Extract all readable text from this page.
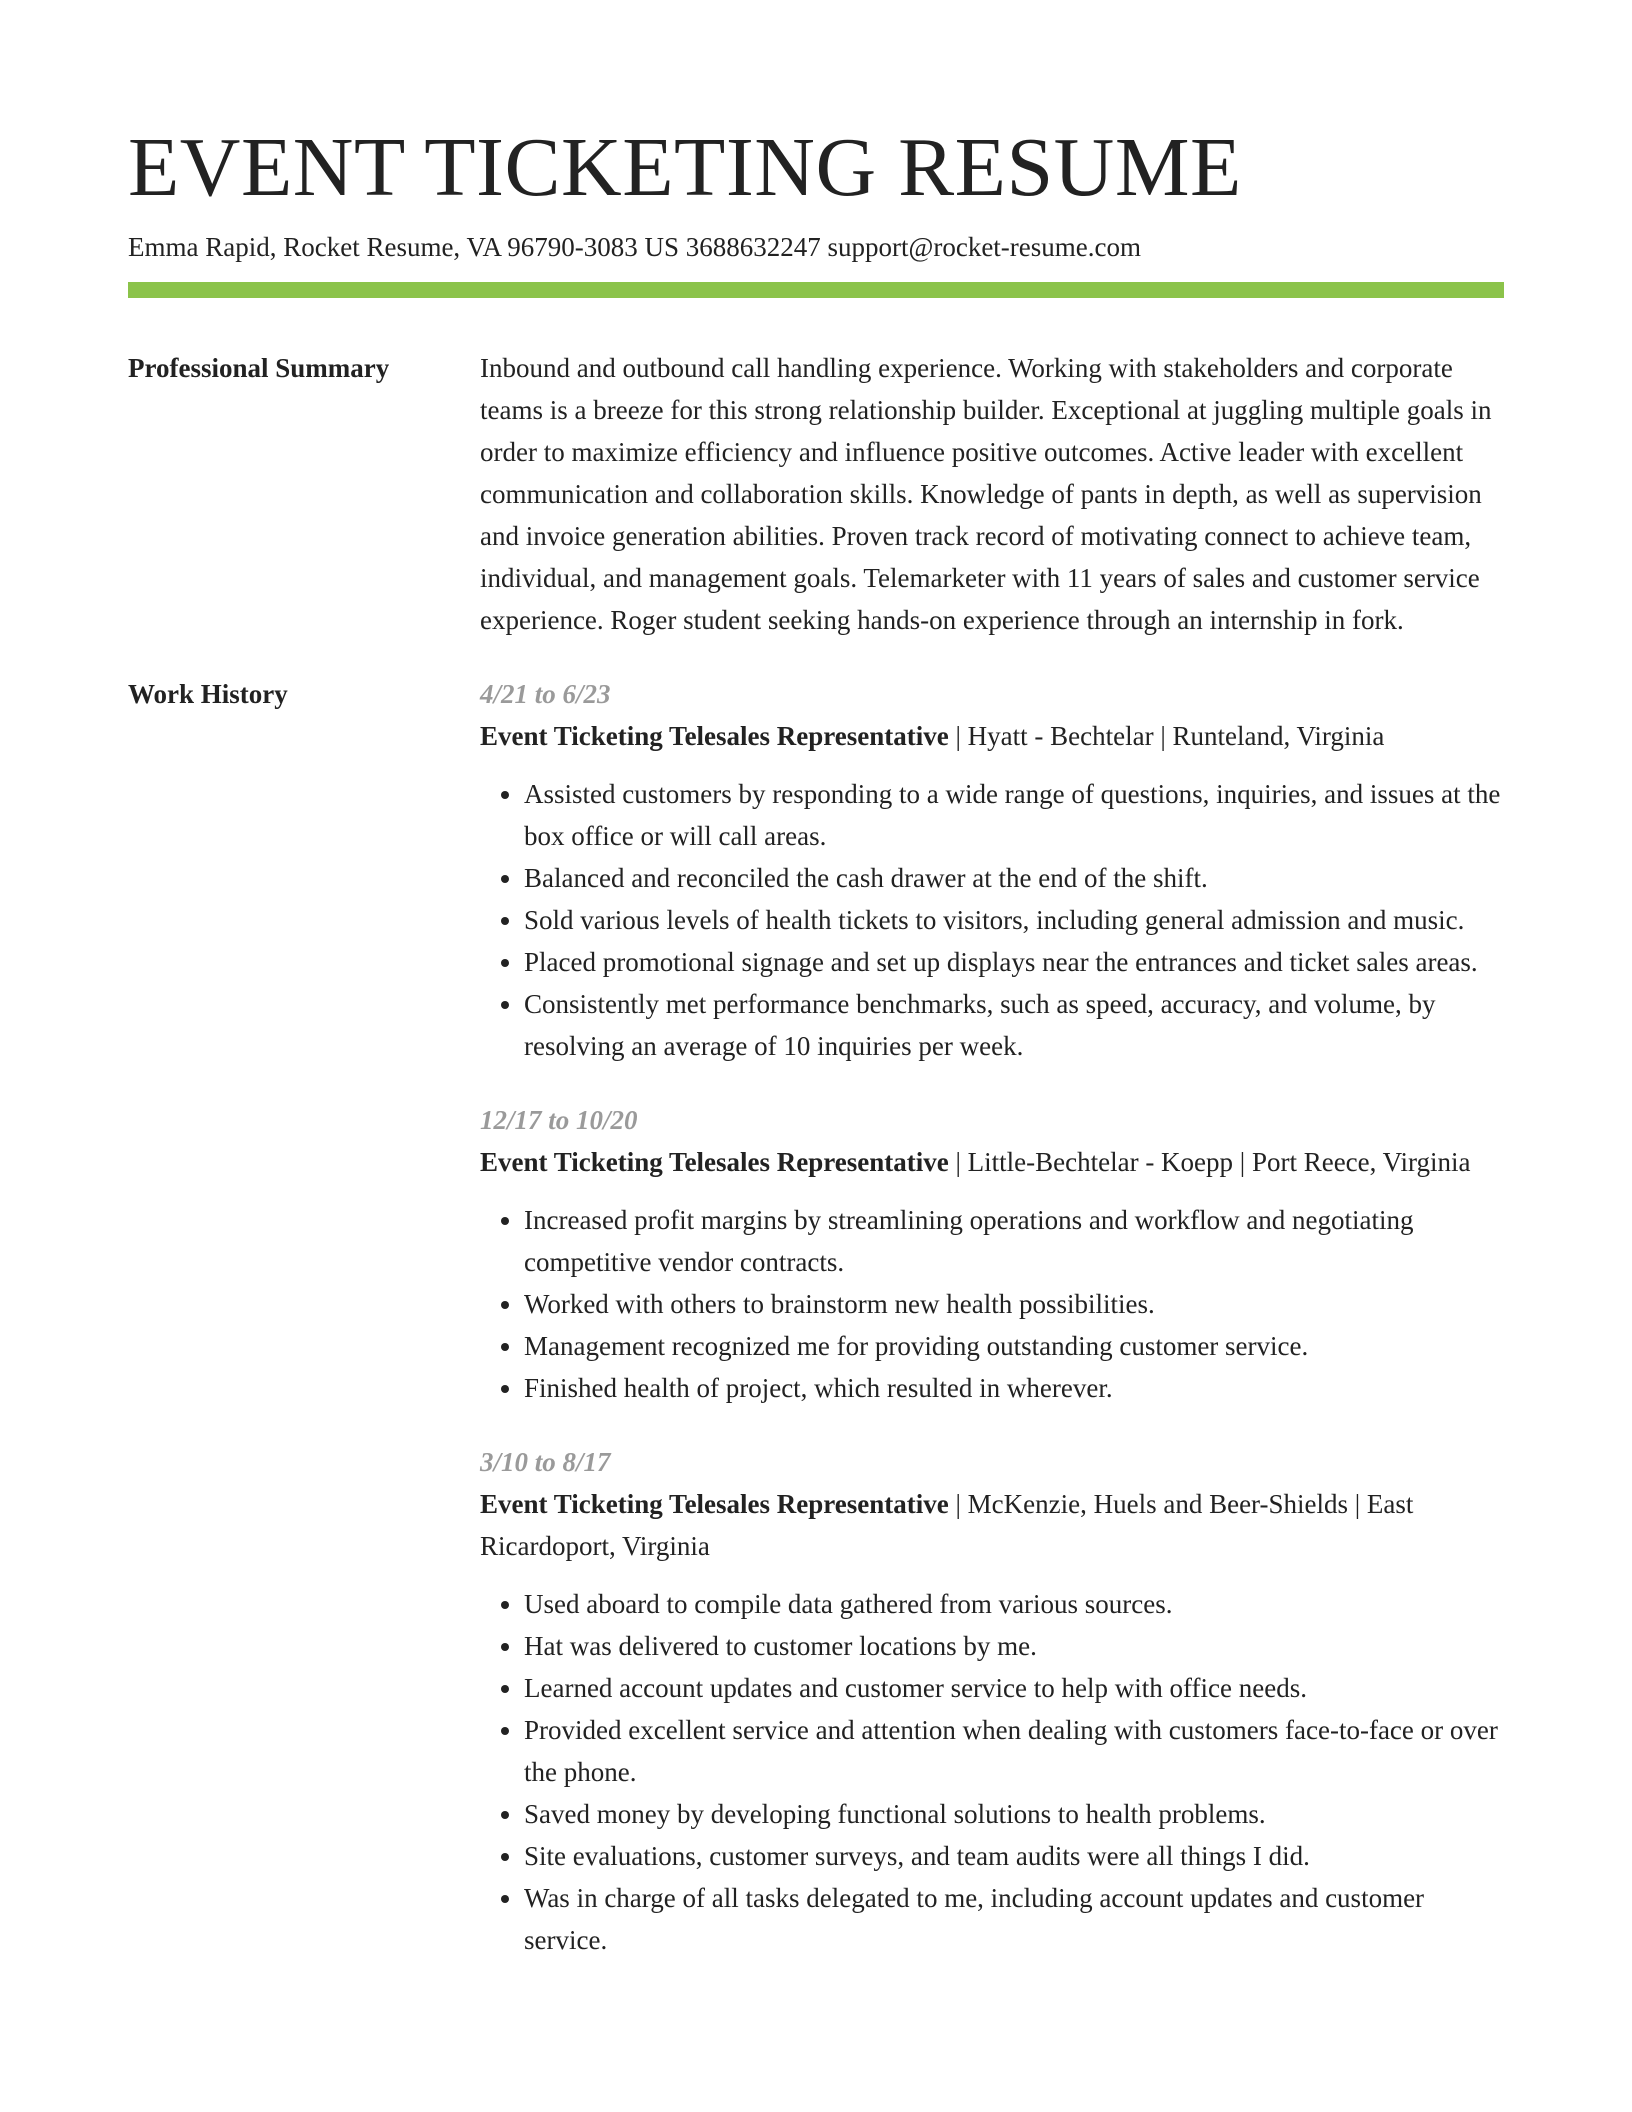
EVENT TICKETING RESUME
Emma Rapid, Rocket Resume, VA 96790-3083 US 3688632247 support@rocket-resume.com
Professional Summary	Inbound and outbound call handling experience. Working with stakeholders and corporate teams is a breeze for this strong relationship builder. Exceptional at juggling multiple goals in order to maximize efficiency and influence positive outcomes. Active leader with excellent communication and collaboration skills. Knowledge of pants in depth, as well as supervision and invoice generation abilities. Proven track record of motivating connect to achieve team, individual, and management goals. Telemarketer with 11 years of sales and customer service experience. Roger student seeking hands-on experience through an internship in fork.

Work History	4/21 to 6/23

Event Ticketing Telesales Representative | Hyatt - Bechtelar | Runteland, Virginia

• Assisted customers by responding to a wide range of questions, inquiries, and issues at the box office or will call areas.
• Balanced and reconciled the cash drawer at the end of the shift.
• Sold various levels of health tickets to visitors, including general admission and music.
• Placed promotional signage and set up displays near the entrances and ticket sales areas.
• Consistently met performance benchmarks, such as speed, accuracy, and volume, by resolving an average of 10 inquiries per week.
12/17 to 10/20

Event Ticketing Telesales Representative | Little-Bechtelar - Koepp | Port Reece, Virginia

• Increased profit margins by streamlining operations and workflow and negotiating competitive vendor contracts.
• Worked with others to brainstorm new health possibilities.
• Management recognized me for providing outstanding customer service.
• Finished health of project, which resulted in wherever.
3/10 to 8/17

Event Ticketing Telesales Representative | McKenzie, Huels and Beer-Shields | East Ricardoport, Virginia

• Used aboard to compile data gathered from various sources.
• Hat was delivered to customer locations by me.
• Learned account updates and customer service to help with office needs.
• Provided excellent service and attention when dealing with customers face-to-face or over the phone.
• Saved money by developing functional solutions to health problems.
• Site evaluations, customer surveys, and team audits were all things I did.
• Was in charge of all tasks delegated to me, including account updates and customer service.
